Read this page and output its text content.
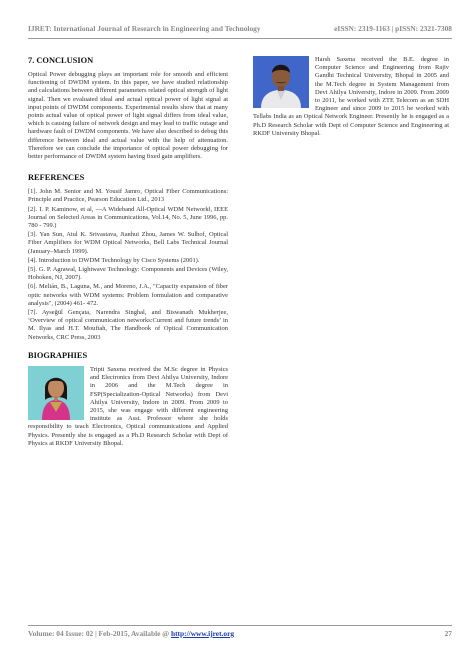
IJRET: International Journal of Research in Engineering and Technology	eISSN: 2319-1163 | pISSN: 2321-7308
7. CONCLUSION

Optical Power debugging plays an important role for smooth and efficient functioning of DWDM system. In this paper, we have studied relationship and calculations between different parameters related optical strength of light signal. Then we evaluated ideal and actual optical power of light signal at input points of DWDM components. Experimental results show that at many points actual value of optical power of light signal differs from ideal value, which is causing failure of network design and may lead to traffic outage and hardware fault of DWDM components. We have also described to debug this difference between ideal and actual value with the help of attenuation. Therefore we can conclude the importance of optical power debugging for better performance of DWDM system having fixed gain amplifiers.

REFERENCES

[1]. John M. Senior and M. Yousif Jamro, Optical Fiber Communications: Principle and Practice, Pearson Education Ltd., 2013

[2]. I. P. Kaminow, et al, ―A Wideband All-Optical WDM Network‖, IEEE Journal on Selected Areas in Communications, Vol.14, No. 5, June 1996, pp. 780 - 799.)

[3]. Yan Sun, Atul K. Srivastava, Jianhui Zhou, James W. Sulhof, Optical Fiber Amplifiers for WDM Optical Networks, Bell Labs Technical Journal (January–March 1999).

[4]. Introduction to DWDM Technology by Cisco Systems (2001).

[5]. G. P. Agrawal, Lightwave Technology: Components and Devices (Wiley, Hoboken, NJ, 2007).

[6]. Melián, B., Laguna, M., and Moreno, J.A., "Capacity expansion of fiber optic networks with WDM systems: Problem formulation and comparative analysis", (2004) 461- 472.

[7]. Ayseğül Gençata, Narendra Singhal, and Biswanath Mukherjee, ‘Overview of optical communication networks:Current and future trends’ in M. Ilyas and H.T. Mouftah, The Handbook of Optical Communication Networks, CRC Press, 2003

BIOGRAPHIES

Tripti Saxena received the M.Sc degree in Physics and Electronics from Devi Ahilya University, Indore in 2006 and the M.Tech degree in FSP(Specialization-Optical Networks) from Devi Ahilya University, Indore in 2009. From 2009 to 2015, she was engage with different engineering institute as Asst. Professor where she holds responsibility to teach Electronics, Optical communications and Applied Physics. Presently she is engaged as a Ph.D Research Scholar with Dept of Physics at RKDF University Bhopal.

Harsh Saxena received the B.E. degree in Computer Science and Engineering from Rajiv Gandhi Technical University, Bhopal in 2005 and the M.Tech degree in System Management from Devi Ahilya University, Indore in 2009. From 2009 to 2011, he worked with ZTE Telecom as an SDH Engineer and since 2009 to 2015 he worked with Tellabs India as an Optical Network Engineer. Presently he is engaged as a Ph.D Research Scholar with Dept of Computer Science and Engineering at RKDF University Bhopal.

Volume: 04 Issue: 02 | Feb-2015, Available @ http://www.ijret.org	27
